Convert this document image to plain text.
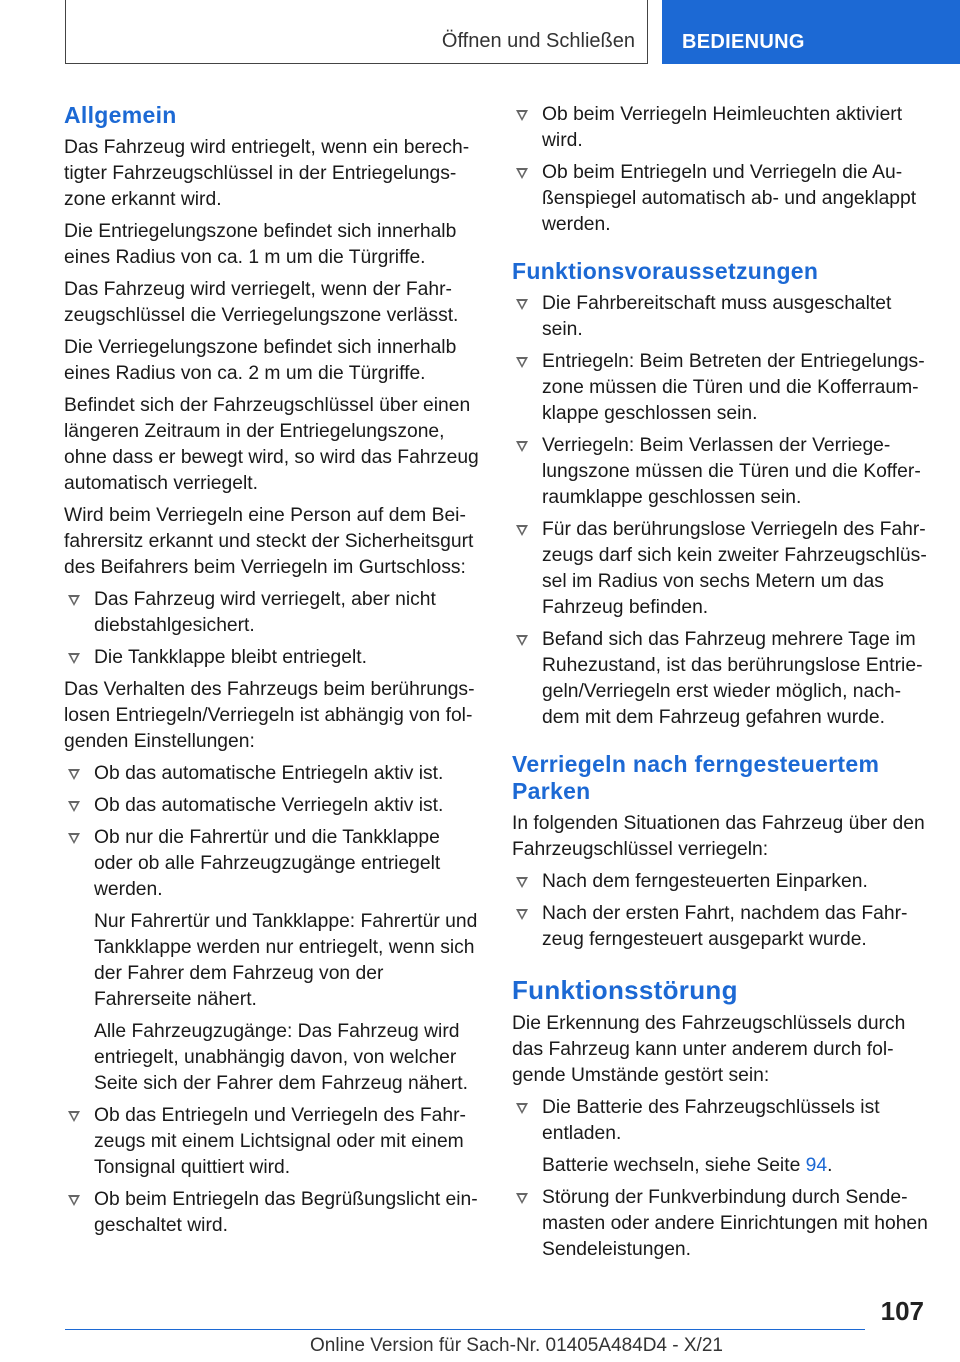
Öffnen und Schließen BEDIENUNG
Allgemein

Das Fahrzeug wird entriegelt, wenn ein berechtigter Fahrzeugschlüssel in der Entriegelungszone erkannt wird.

Die Entriegelungszone befindet sich innerhalb eines Radius von ca. 1 m um die Türgriffe.

Das Fahrzeug wird verriegelt, wenn der Fahrzeugschlüssel die Verriegelungszone verlässt.

Die Verriegelungszone befindet sich innerhalb eines Radius von ca. 2 m um die Türgriffe.

Befindet sich der Fahrzeugschlüssel über einen längeren Zeitraum in der Entriegelungszone, ohne dass er bewegt wird, so wird das Fahrzeug automatisch verriegelt.

Wird beim Verriegeln eine Person auf dem Beifahrersitz erkannt und steckt der Sicherheitsgurt des Beifahrers beim Verriegeln im Gurtschloss:

Das Fahrzeug wird verriegelt, aber nicht diebstahlgesichert.
Die Tankklappe bleibt entriegelt.

Das Verhalten des Fahrzeugs beim berührungslosen Entriegeln/Verriegeln ist abhängig von folgenden Einstellungen:

Ob das automatische Entriegeln aktiv ist.
Ob das automatische Verriegeln aktiv ist.
Ob nur die Fahrertür und die Tankklappe oder ob alle Fahrzeugzugänge entriegelt werden.
Nur Fahrertür und Tankklappe: Fahrertür und Tankklappe werden nur entriegelt, wenn sich der Fahrer dem Fahrzeug von der Fahrerseite nähert.
Alle Fahrzeugzugänge: Das Fahrzeug wird entriegelt, unabhängig davon, von welcher Seite sich der Fahrer dem Fahrzeug nähert.
Ob das Entriegeln und Verriegeln des Fahrzeugs mit einem Lichtsignal oder mit einem Tonsignal quittiert wird.
Ob beim Entriegeln das Begrüßungslicht eingeschaltet wird.
Ob beim Verriegeln Heimleuchten aktiviert wird.
Ob beim Entriegeln und Verriegeln die Außenspiegel automatisch ab- und angeklappt werden.
Funktionsvoraussetzungen
Die Fahrbereitschaft muss ausgeschaltet sein.
Entriegeln: Beim Betreten der Entriegelungszone müssen die Türen und die Kofferraumklappe geschlossen sein.
Verriegeln: Beim Verlassen der Verriegelungszone müssen die Türen und die Kofferraumklappe geschlossen sein.
Für das berührungslose Verriegeln des Fahrzeugs darf sich kein zweiter Fahrzeugschlüssel im Radius von sechs Metern um das Fahrzeug befinden.
Befand sich das Fahrzeug mehrere Tage im Ruhezustand, ist das berührungslose Entriegeln/Verriegeln erst wieder möglich, nachdem mit dem Fahrzeug gefahren wurde.
Verriegeln nach ferngesteuertem Parken

In folgenden Situationen das Fahrzeug über den Fahrzeugschlüssel verriegeln:

Nach dem ferngesteuerten Einparken.
Nach der ersten Fahrt, nachdem das Fahrzeug ferngesteuert ausgeparkt wurde.
Funktionsstörung

Die Erkennung des Fahrzeugschlüssels durch das Fahrzeug kann unter anderem durch folgende Umstände gestört sein:

Die Batterie des Fahrzeugschlüssels ist entladen.
Batterie wechseln, siehe Seite 94.
Störung der Funkverbindung durch Sendemasten oder andere Einrichtungen mit hohen Sendeleistungen.
107
Online Version für Sach-Nr. 01405A484D4 - X/21
